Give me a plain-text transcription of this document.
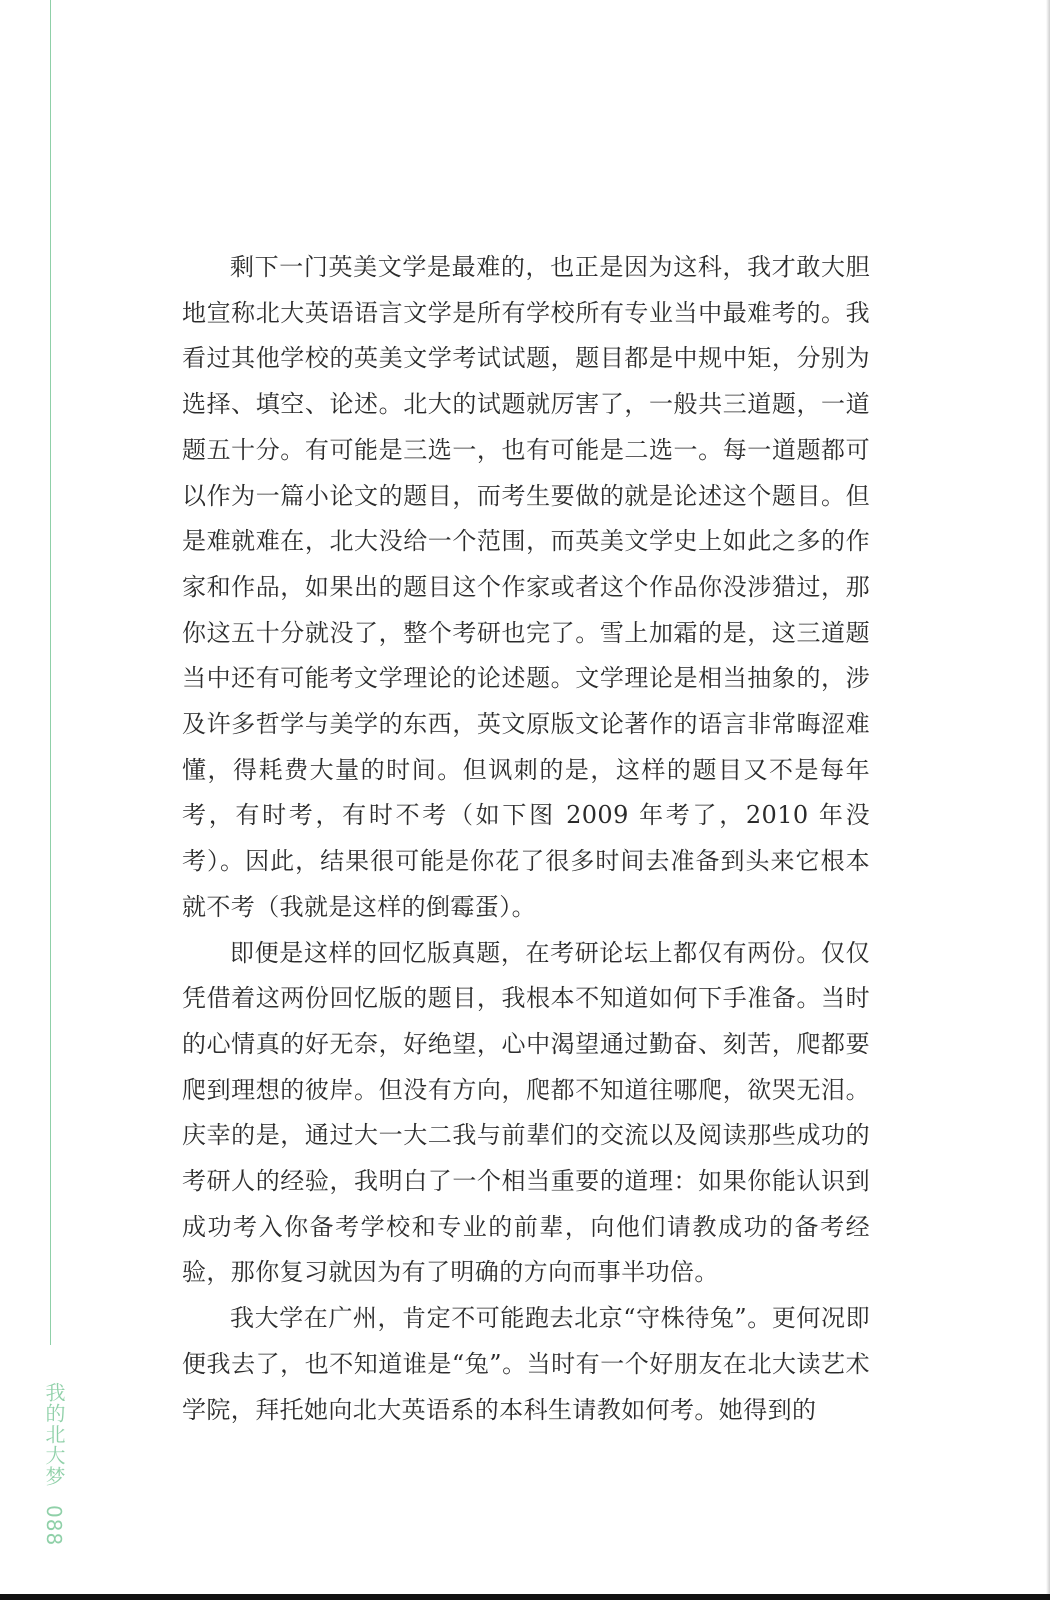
我的北大梦088

剩下一门英美文学是最难的，也正是因为这科，我才敢大胆地宣称北大英语语言文学是所有学校所有专业当中最难考的。我看过其他学校的英美文学考试试题，题目都是中规中矩，分别为选择、填空、论述。北大的试题就厉害了，一般共三道题，一道题五十分。有可能是三选一，也有可能是二选一。每一道题都可以作为一篇小论文的题目，而考生要做的就是论述这个题目。但是难就难在，北大没给一个范围，而英美文学史上如此之多的作家和作品，如果出的题目这个作家或者这个作品你没涉猎过，那你这五十分就没了，整个考研也完了。雪上加霜的是，这三道题当中还有可能考文学理论的论述题。文学理论是相当抽象的，涉及许多哲学与美学的东西，英文原版文论著作的语言非常晦涩难懂，得耗费大量的时间。但讽刺的是，这样的题目又不是每年考，有时考，有时不考（如下图 2009 年考了，2010 年没考）。因此，结果很可能是你花了很多时间去准备到头来它根本就不考（我就是这样的倒霉蛋）。

即便是这样的回忆版真题，在考研论坛上都仅有两份。仅仅凭借着这两份回忆版的题目，我根本不知道如何下手准备。当时的心情真的好无奈，好绝望，心中渴望通过勤奋、刻苦，爬都要爬到理想的彼岸。但没有方向，爬都不知道往哪爬，欲哭无泪。庆幸的是，通过大一大二我与前辈们的交流以及阅读那些成功的考研人的经验，我明白了一个相当重要的道理：如果你能认识到成功考入你备考学校和专业的前辈，向他们请教成功的备考经验，那你复习就因为有了明确的方向而事半功倍。

我大学在广州，肯定不可能跑去北京“守株待兔”。更何况即便我去了，也不知道谁是“兔”。当时有一个好朋友在北大读艺术学院，拜托她向北大英语系的本科生请教如何考。她得到的
